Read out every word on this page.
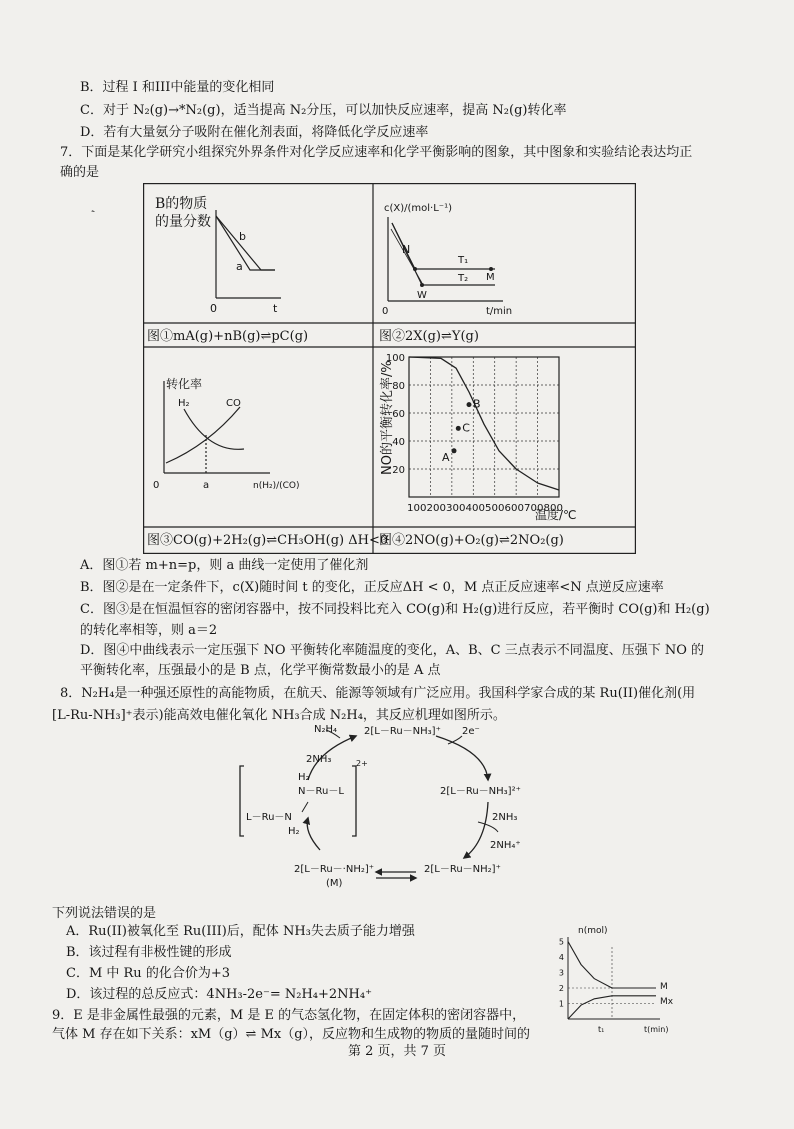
B．过程 I 和III中能量的变化相同
C．对于 N₂(g)→*N₂(g)，适当提高 N₂分压，可以加快反应速率，提高 N₂(g)转化率
D．若有大量氨分子吸附在催化剂表面，将降低化学反应速率
7．下面是某化学研究小组探究外界条件对化学反应速率和化学平衡影响的图象，其中图象和实验结论表达均正
确的是
ˏ	B的物质
的量分数
a
b
0	t
图①mA(g)+nB(g)⇌pC(g)
c(X)/(mol·L⁻¹)
N
W
M
T₁
T₂
0	t/min
图②2X(g)⇌Y(g)
转化率
H₂	CO
0	a	n(H₂)/(CO)
图③CO(g)+2H₂(g)⇌CH₃OH(g) ΔH<0
NO的平衡转化率/%
温度/℃
20
40
60
80
100
100200300400500600700800
A
B
C
图④2NO(g)+O₂(g)⇌2NO₂(g)
A．图①若 m+n=p，则 a 曲线一定使用了催化剂
B．图②是在一定条件下，c(X)随时间 t 的变化，正反应ΔH < 0，M 点正反应速率<N 点逆反应速率
C．图③是在恒温恒容的密闭容器中，按不同投料比充入 CO(g)和 H₂(g)进行反应，若平衡时 CO(g)和 H₂(g)
的转化率相等，则 a＝2
D．图④中曲线表示一定压强下 NO 平衡转化率随温度的变化，A、B、C 三点表示不同温度、压强下 NO 的
平衡转化率，压强最小的是 B 点，化学平衡常数最小的是 A 点
8．N₂H₄是一种强还原性的高能物质，在航天、能源等领域有广泛应用。我国科学家合成的某 Ru(II)催化剂(用
[L-Ru-NH₃]⁺表示)能高效电催化氧化 NH₃合成 N₂H₄，其反应机理如图所示。
2[L－Ru－NH₃]⁺
N₂H₄
2NH₃
2e⁻
2[L－Ru－NH₃]²⁺
2NH₃
2NH₄⁺
2[L－Ru－NH₂]⁺
2[L－Ru－·NH₂]⁺
(M)
H₂
N－Ru－L
L－Ru－N
H₂
2+
下列说法错误的是
A．Ru(II)被氧化至 Ru(III)后，配体 NH₃失去质子能力增强
B．该过程有非极性键的形成
C．M 中 Ru 的化合价为+3
D．该过程的总反应式：4NH₃-2e⁻= N₂H₄+2NH₄⁺
9．E 是非金属性最强的元素，M 是 E 的气态氢化物，在固定体积的密闭容器中，
气体 M 存在如下关系：xM（g）⇌ Mx（g），反应物和生成物的物质的量随时间的
n(mol)
t(min)
t₁
M
Mx
1
2
3
4
5
第 2 页，共 7 页
